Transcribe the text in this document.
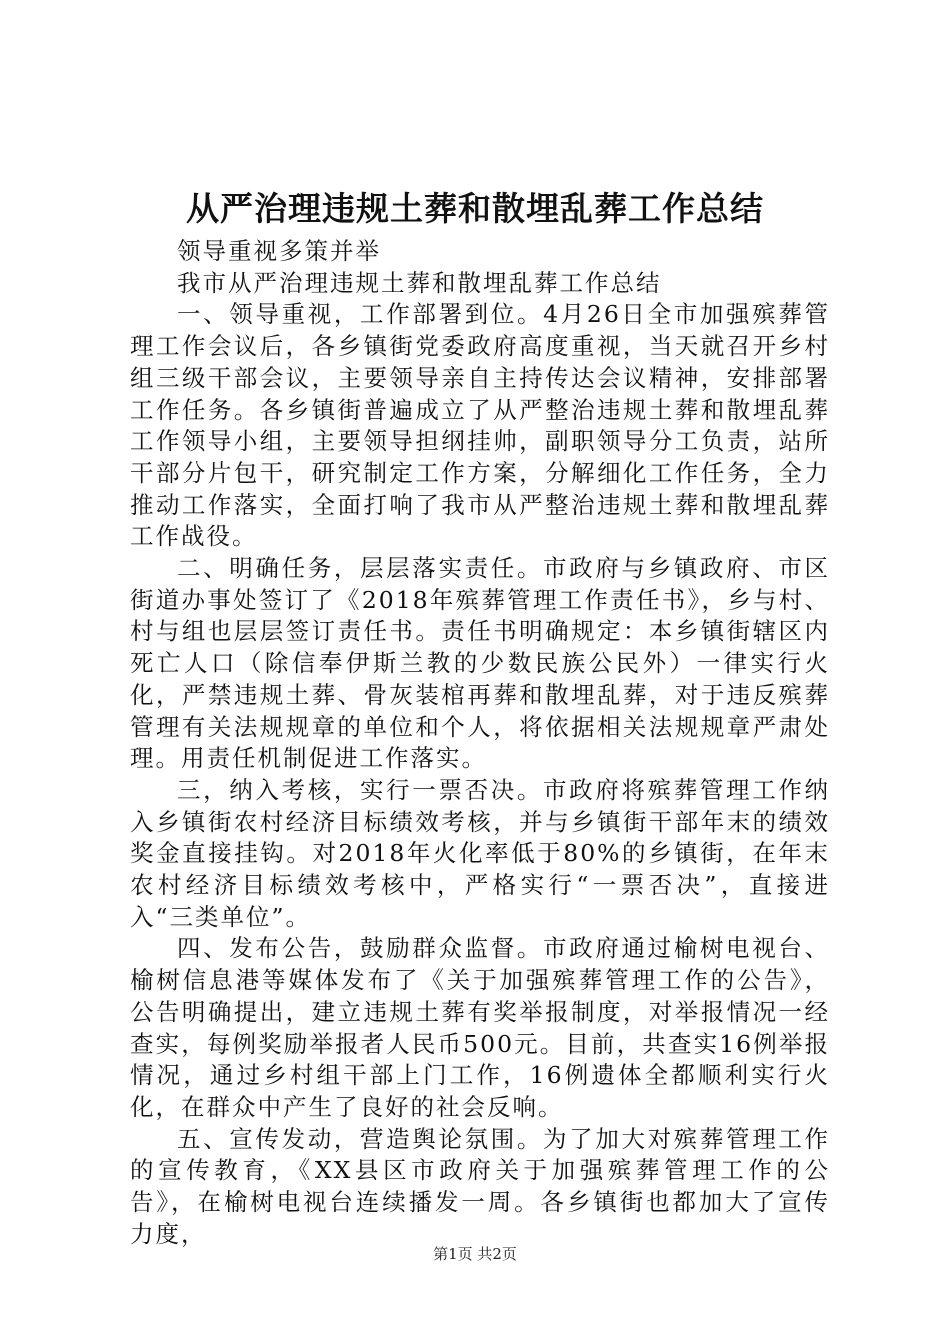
从严治理违规土葬和散埋乱葬工作总结

领导重视多策并举

我市从严治理违规土葬和散埋乱葬工作总结

一、领导重视，工作部署到位。4月26日全市加强殡葬管理工作会议后，各乡镇街党委政府高度重视，当天就召开乡村组三级干部会议，主要领导亲自主持传达会议精神，安排部署工作任务。各乡镇街普遍成立了从严整治违规土葬和散埋乱葬工作领导小组，主要领导担纲挂帅，副职领导分工负责，站所干部分片包干，研究制定工作方案，分解细化工作任务，全力推动工作落实，全面打响了我市从严整治违规土葬和散埋乱葬工作战役。

二、明确任务，层层落实责任。市政府与乡镇政府、市区街道办事处签订了《2018年殡葬管理工作责任书》，乡与村、村与组也层层签订责任书。责任书明确规定：本乡镇街辖区内死亡人口（除信奉伊斯兰教的少数民族公民外）一律实行火化，严禁违规土葬、骨灰装棺再葬和散埋乱葬，对于违反殡葬管理有关法规规章的单位和个人，将依据相关法规规章严肃处理。用责任机制促进工作落实。

三，纳入考核，实行一票否决。市政府将殡葬管理工作纳入乡镇街农村经济目标绩效考核，并与乡镇街干部年末的绩效奖金直接挂钩。对2018年火化率低于80%的乡镇街，在年末农村经济目标绩效考核中，严格实行“一票否决”，直接进入“三类单位”。

四、发布公告，鼓励群众监督。市政府通过榆树电视台、榆树信息港等媒体发布了《关于加强殡葬管理工作的公告》，公告明确提出，建立违规土葬有奖举报制度，对举报情况一经查实，每例奖励举报者人民币500元。目前，共查实16例举报情况，通过乡村组干部上门工作，16例遗体全都顺利实行火化，在群众中产生了良好的社会反响。

五、宣传发动，营造舆论氛围。为了加大对殡葬管理工作的宣传教育，《XX县区市政府关于加强殡葬管理工作的公告》，在榆树电视台连续播发一周。各乡镇街也都加大了宣传力度，

第1页 共2页
